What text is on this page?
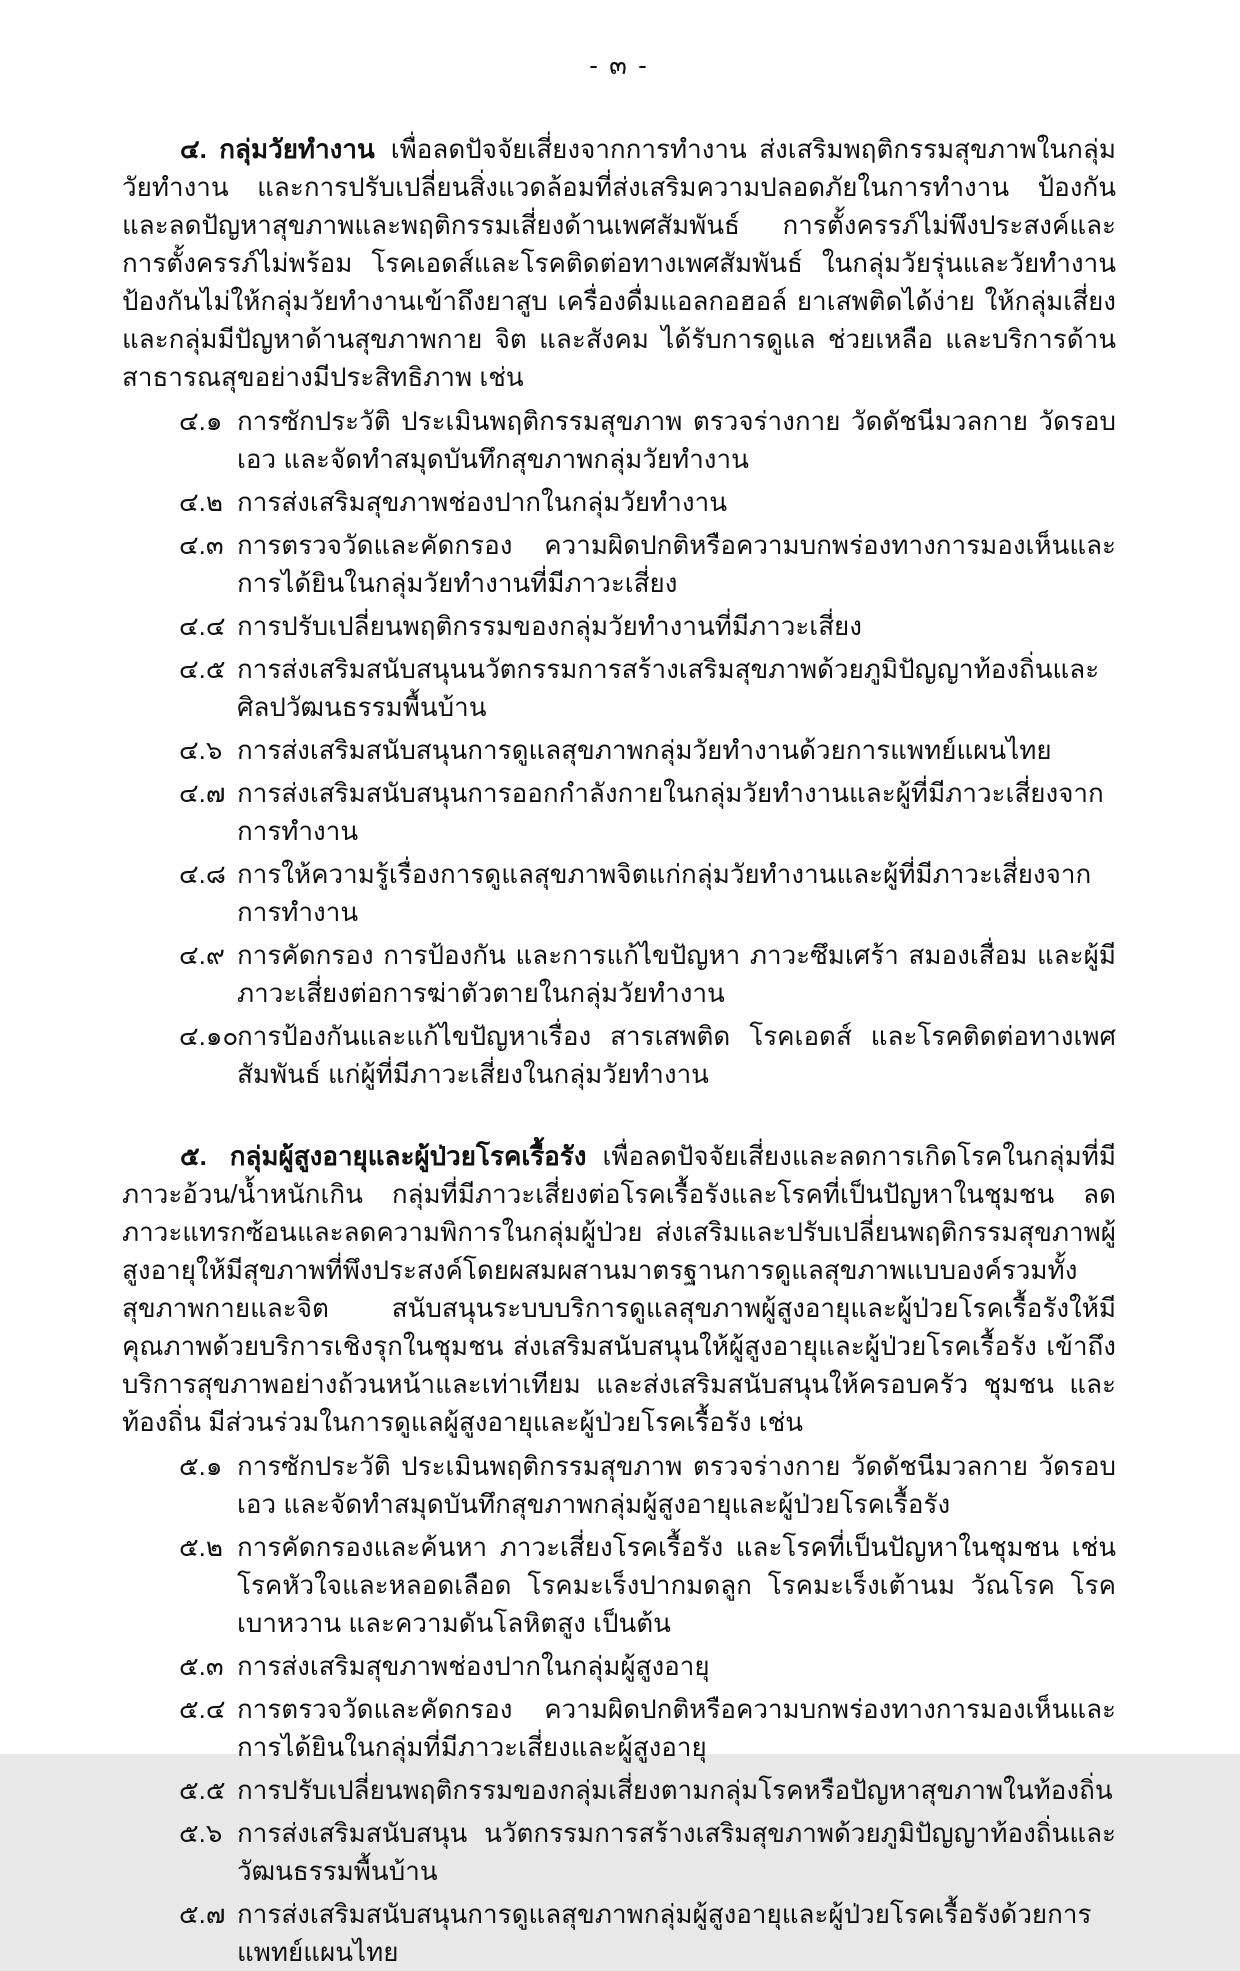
- ๓ -

๔. กลุ่มวัยทำงาน เพื่อลดปัจจัยเสี่ยงจากการทำงาน ส่งเสริมพฤติกรรมสุขภาพในกลุ่มวัยทำงาน และการปรับเปลี่ยนสิ่งแวดล้อมที่ส่งเสริมความปลอดภัยในการทำงาน ป้องกันและลดปัญหาสุขภาพและพฤติกรรมเสี่ยงด้านเพศสัมพันธ์ การตั้งครรภ์ไม่พึงประสงค์และการตั้งครรภ์ไม่พร้อม โรคเอดส์และโรคติดต่อทางเพศสัมพันธ์ ในกลุ่มวัยรุ่นและวัยทำงาน ป้องกันไม่ให้กลุ่มวัยทำงานเข้าถึงยาสูบ เครื่องดื่มแอลกอฮอล์ ยาเสพติดได้ง่าย ให้กลุ่มเสี่ยงและกลุ่มมีปัญหาด้านสุขภาพกาย จิต และสังคม ได้รับการดูแล ช่วยเหลือ และบริการด้านสาธารณสุขอย่างมีประสิทธิภาพ เช่น

๔.๑ การซักประวัติ ประเมินพฤติกรรมสุขภาพ ตรวจร่างกาย วัดดัชนีมวลกาย วัดรอบเอว และจัดทำสมุดบันทึกสุขภาพกลุ่มวัยทำงาน
๔.๒ การส่งเสริมสุขภาพช่องปากในกลุ่มวัยทำงาน
๔.๓ การตรวจวัดและคัดกรอง ความผิดปกติหรือความบกพร่องทางการมองเห็นและการได้ยินในกลุ่มวัยทำงานที่มีภาวะเสี่ยง
๔.๔ การปรับเปลี่ยนพฤติกรรมของกลุ่มวัยทำงานที่มีภาวะเสี่ยง
๔.๕ การส่งเสริมสนับสนุนนวัตกรรมการสร้างเสริมสุขภาพด้วยภูมิปัญญาท้องถิ่นและศิลปวัฒนธรรมพื้นบ้าน
๔.๖ การส่งเสริมสนับสนุนการดูแลสุขภาพกลุ่มวัยทำงานด้วยการแพทย์แผนไทย
๔.๗ การส่งเสริมสนับสนุนการออกกำลังกายในกลุ่มวัยทำงานและผู้ที่มีภาวะเสี่ยงจากการทำงาน
๔.๘ การให้ความรู้เรื่องการดูแลสุขภาพจิตแก่กลุ่มวัยทำงานและผู้ที่มีภาวะเสี่ยงจากการทำงาน
๔.๙ การคัดกรอง การป้องกัน และการแก้ไขปัญหา ภาวะซึมเศร้า สมองเสื่อม และผู้มีภาวะเสี่ยงต่อการฆ่าตัวตายในกลุ่มวัยทำงาน
๔.๑๐
การป้องกันและแก้ไขปัญหาเรื่อง สารเสพติด โรคเอดส์ และโรคติดต่อทางเพศสัมพันธ์ แก่ผู้ที่มีภาวะเสี่ยงในกลุ่มวัยทำงาน

๕. กลุ่มผู้สูงอายุและผู้ป่วยโรคเรื้อรัง เพื่อลดปัจจัยเสี่ยงและลดการเกิดโรคในกลุ่มที่มีภาวะอ้วน/น้ำหนักเกิน กลุ่มที่มีภาวะเสี่ยงต่อโรคเรื้อรังและโรคที่เป็นปัญหาในชุมชน ลดภาวะแทรกซ้อนและลดความพิการในกลุ่มผู้ป่วย ส่งเสริมและปรับเปลี่ยนพฤติกรรมสุขภาพผู้สูงอายุให้มีสุขภาพที่พึงประสงค์โดยผสมผสานมาตรฐานการดูแลสุขภาพแบบองค์รวมทั้งสุขภาพกายและจิต สนับสนุนระบบบริการดูแลสุขภาพผู้สูงอายุและผู้ป่วยโรคเรื้อรังให้มีคุณภาพด้วยบริการเชิงรุกในชุมชน ส่งเสริมสนับสนุนให้ผู้สูงอายุและผู้ป่วยโรคเรื้อรัง เข้าถึงบริการสุขภาพอย่างถ้วนหน้าและเท่าเทียม และส่งเสริมสนับสนุนให้ครอบครัว ชุมชน และท้องถิ่น มีส่วนร่วมในการดูแลผู้สูงอายุและผู้ป่วยโรคเรื้อรัง เช่น

๕.๑ การซักประวัติ ประเมินพฤติกรรมสุขภาพ ตรวจร่างกาย วัดดัชนีมวลกาย วัดรอบเอว และจัดทำสมุดบันทึกสุขภาพกลุ่มผู้สูงอายุและผู้ป่วยโรคเรื้อรัง
๕.๒ การคัดกรองและค้นหา ภาวะเสี่ยงโรคเรื้อรัง และโรคที่เป็นปัญหาในชุมชน เช่น โรคหัวใจและหลอดเลือด โรคมะเร็งปากมดลูก โรคมะเร็งเต้านม วัณโรค โรคเบาหวาน และความดันโลหิตสูง เป็นต้น
๕.๓ การส่งเสริมสุขภาพช่องปากในกลุ่มผู้สูงอายุ
๕.๔ การตรวจวัดและคัดกรอง ความผิดปกติหรือความบกพร่องทางการมองเห็นและการได้ยินในกลุ่มที่มีภาวะเสี่ยงและผู้สูงอายุ
๕.๕ การปรับเปลี่ยนพฤติกรรมของกลุ่มเสี่ยงตามกลุ่มโรคหรือปัญหาสุขภาพในท้องถิ่น
๕.๖ การส่งเสริมสนับสนุน นวัตกรรมการสร้างเสริมสุขภาพด้วยภูมิปัญญาท้องถิ่นและวัฒนธรรมพื้นบ้าน
๕.๗ การส่งเสริมสนับสนุนการดูแลสุขภาพกลุ่มผู้สูงอายุและผู้ป่วยโรคเรื้อรังด้วยการแพทย์แผนไทย
